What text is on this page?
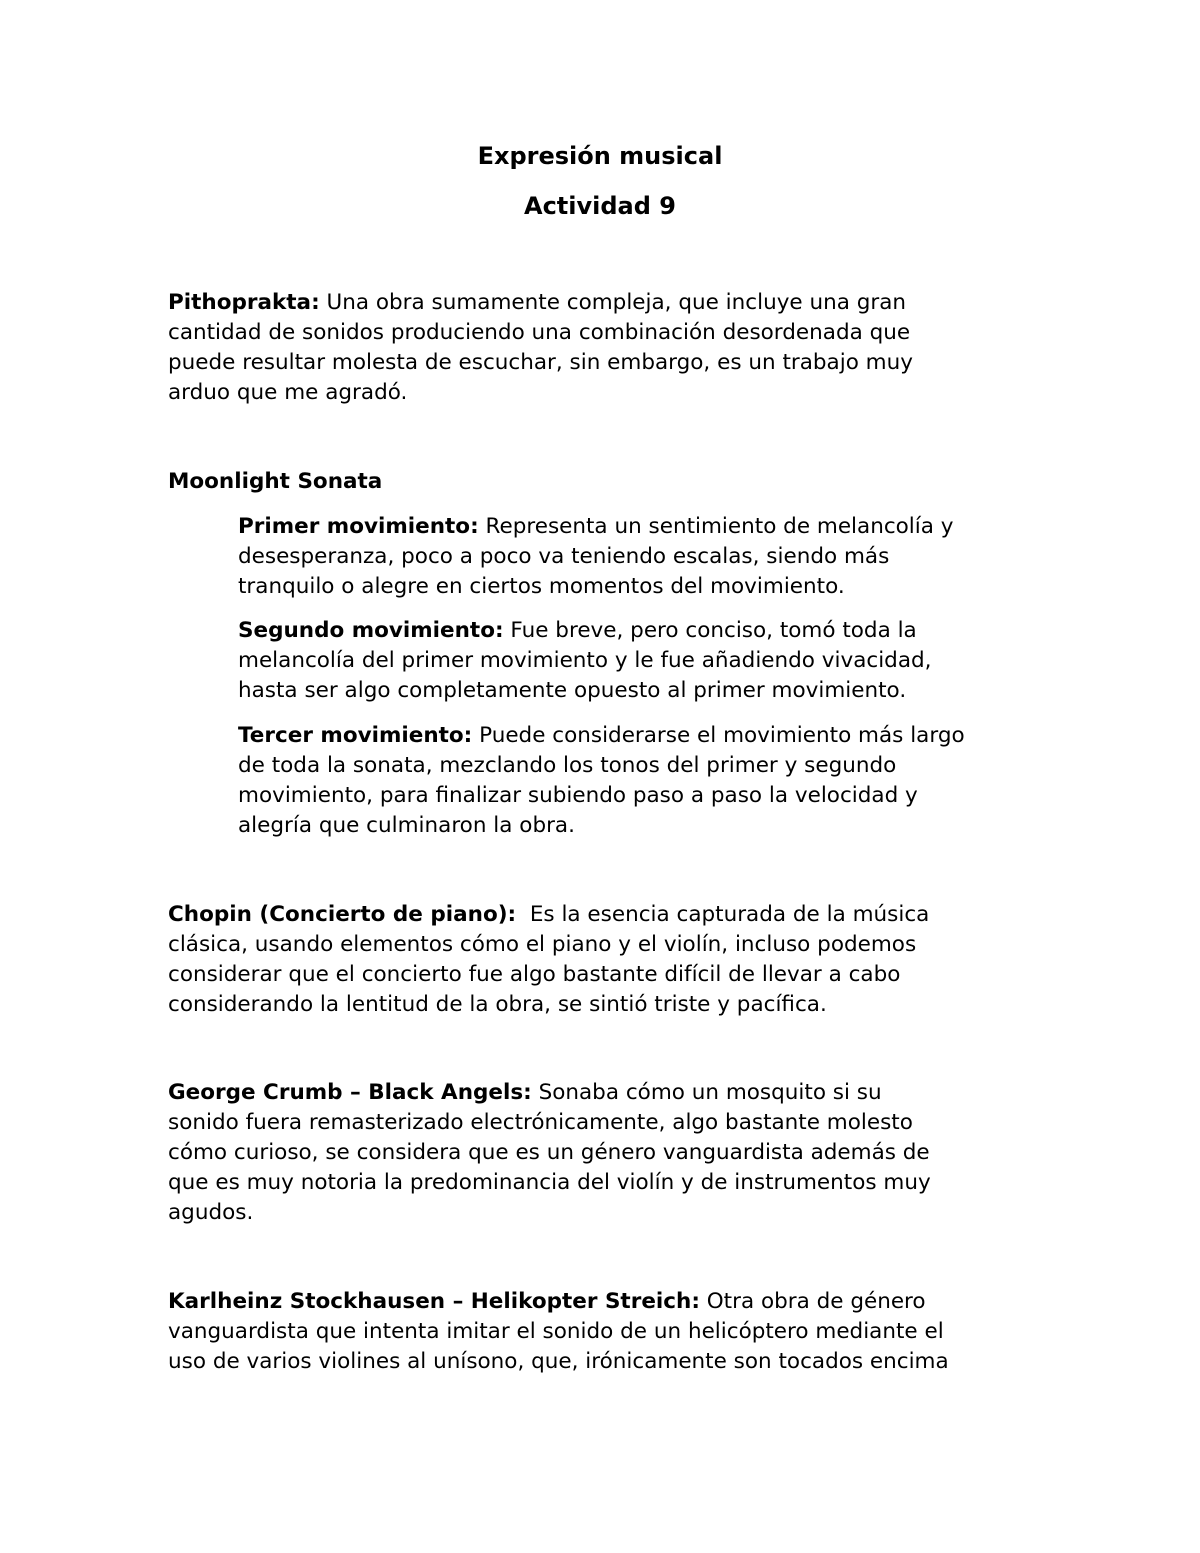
Expresión musical
Actividad 9
Pithoprakta: Una obra sumamente compleja, que incluye una gran
cantidad de sonidos produciendo una combinación desordenada que
puede resultar molesta de escuchar, sin embargo, es un trabajo muy
arduo que me agradó.
Moonlight Sonata
Primer movimiento: Representa un sentimiento de melancolía y
desesperanza, poco a poco va teniendo escalas, siendo más
tranquilo o alegre en ciertos momentos del movimiento.
Segundo movimiento: Fue breve, pero conciso, tomó toda la
melancolía del primer movimiento y le fue añadiendo vivacidad,
hasta ser algo completamente opuesto al primer movimiento.
Tercer movimiento: Puede considerarse el movimiento más largo
de toda la sonata, mezclando los tonos del primer y segundo
movimiento, para finalizar subiendo paso a paso la velocidad y
alegría que culminaron la obra.
Chopin (Concierto de piano):  Es la esencia capturada de la música
clásica, usando elementos cómo el piano y el violín, incluso podemos
considerar que el concierto fue algo bastante difícil de llevar a cabo
considerando la lentitud de la obra, se sintió triste y pacífica.
George Crumb – Black Angels: Sonaba cómo un mosquito si su
sonido fuera remasterizado electrónicamente, algo bastante molesto
cómo curioso, se considera que es un género vanguardista además de
que es muy notoria la predominancia del violín y de instrumentos muy
agudos.
Karlheinz Stockhausen – Helikopter Streich: Otra obra de género
vanguardista que intenta imitar el sonido de un helicóptero mediante el
uso de varios violines al unísono, que, irónicamente son tocados encima
